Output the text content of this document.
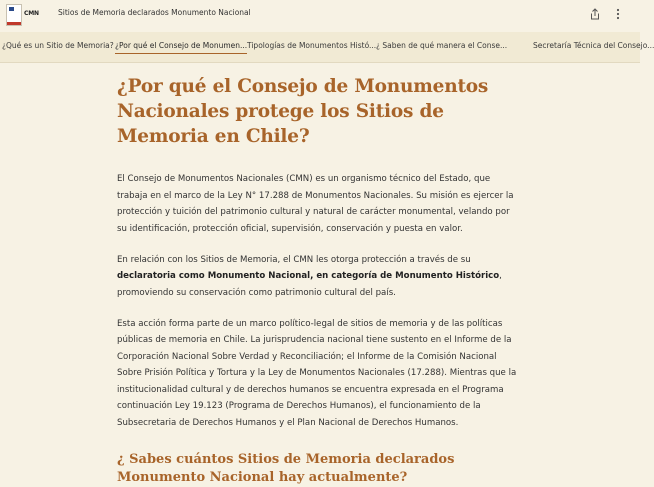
CMN	Sitios de Memoria declarados Monumento Nacional
¿Qué es un Sitio de Memoria? ¿Por qué el Consejo de Monumen... Tipologías de Monumentos Histó... ¿ Saben de qué manera el Conse...	Secretaría Técnica del Consejo...
¿Por qué el Consejo de Monumentos Nacionales protege los Sitios de Memoria en Chile?

El Consejo de Monumentos Nacionales (CMN) es un organismo técnico del Estado, que trabaja en el marco de la Ley N° 17.288 de Monumentos Nacionales. Su misión es ejercer la protección y tuición del patrimonio cultural y natural de carácter monumental, velando por su identificación, protección oficial, supervisión, conservación y puesta en valor.

En relación con los Sitios de Memoria, el CMN les otorga protección a través de su declaratoria como Monumento Nacional, en categoría de Monumento Histórico, promoviendo su conservación como patrimonio cultural del país.

Esta acción forma parte de un marco político-legal de sitios de memoria y de las políticas públicas de memoria en Chile. La jurisprudencia nacional tiene sustento en el Informe de la Corporación Nacional Sobre Verdad y Reconciliación; el Informe de la Comisión Nacional Sobre Prisión Política y Tortura y la Ley de Monumentos Nacionales (17.288). Mientras que la institucionalidad cultural y de derechos humanos se encuentra expresada en el Programa continuación Ley 19.123 (Programa de Derechos Humanos), el funcionamiento de la Subsecretaria de Derechos Humanos y el Plan Nacional de Derechos Humanos.

¿ Sabes cuántos Sitios de Memoria declarados Monumento Nacional hay actualmente?
